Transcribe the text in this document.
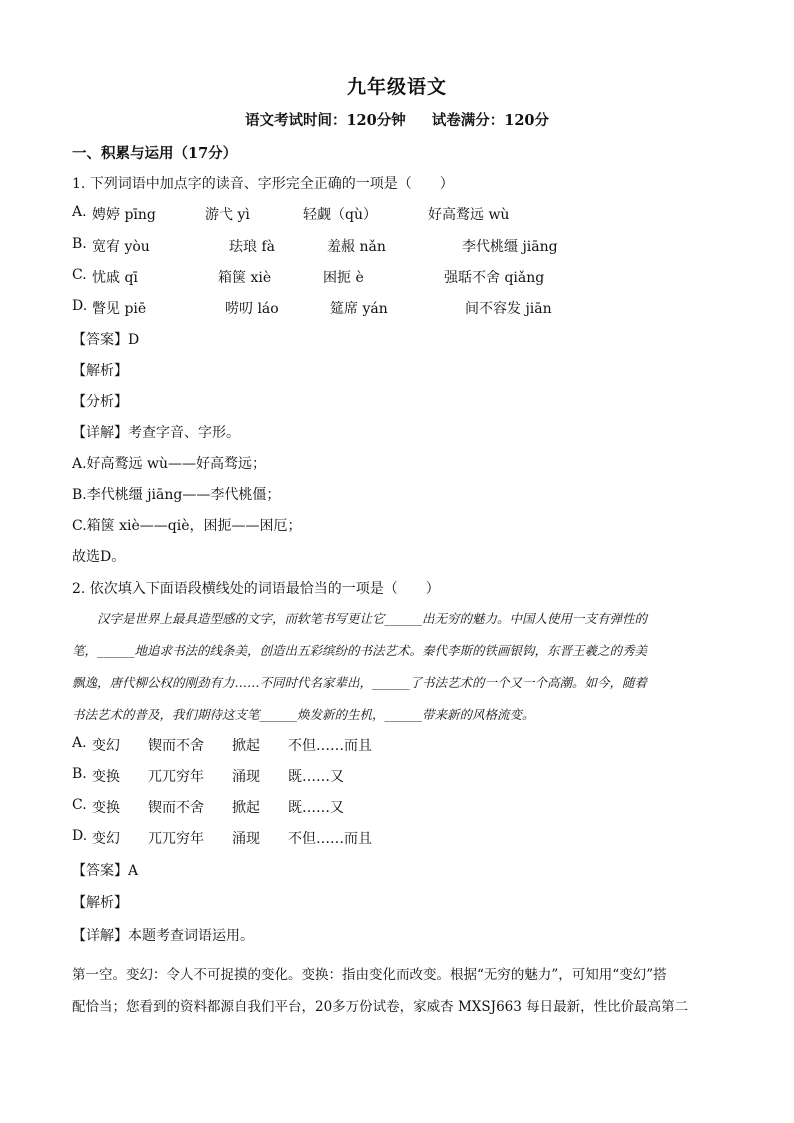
九年级语文
语文考试时间：120分钟 试卷满分：120分
一、积累与运用（17分）
1. 下列词语中加点字的读音、字形完全正确的一项是（　　）
A. 娉婷 pīng	游弋 yì	轻觑（qù）	好高鹜远 wù
B. 宽宥 yòu	珐琅 fà	羞赧 nǎn	李代桃缰 jiāng
C. 忧戚 qī	箱箧 xiè	困扼 è	强聒不舍 qiǎng
D. 瞥见 piē	唠叨 láo	筵席 yán	间不容发 jiān
【答案】D
【解析】
【分析】
【详解】考查字音、字形。
A.好高鹜远 wù——好高骛远；
B.李代桃缰 jiāng——李代桃僵；
C.箱箧 xiè——qiè，困扼——困厄；
故选D。
2. 依次填入下面语段横线处的词语最恰当的一项是（　　）
　　汉字是世界上最具造型感的文字，而软笔书写更让它______出无穷的魅力。中国人使用一支有弹性的
笔，______地追求书法的线条美，创造出五彩缤纷的书法艺术。秦代李斯的铁画银钩，东晋王羲之的秀美
飘逸，唐代柳公权的刚劲有力……不同时代名家辈出，______了书法艺术的一个又一个高潮。如今，随着
书法艺术的普及，我们期待这支笔______焕发新的生机，______带来新的风格流变。
A. 变幻 锲而不舍 掀起 不但……而且
B. 变换 兀兀穷年 涌现 既……又
C. 变换 锲而不舍 掀起 既……又
D. 变幻 兀兀穷年 涌现 不但……而且
【答案】A
【解析】
【详解】本题考查词语运用。
第一空。变幻：令人不可捉摸的变化。变换：指由变化而改变。根据“无穷的魅力”，可知用“变幻”搭
配恰当；您看到的资料都源自我们平台，20多万份试卷，家威杏 MXSJ663 每日最新，性比价最高第二
